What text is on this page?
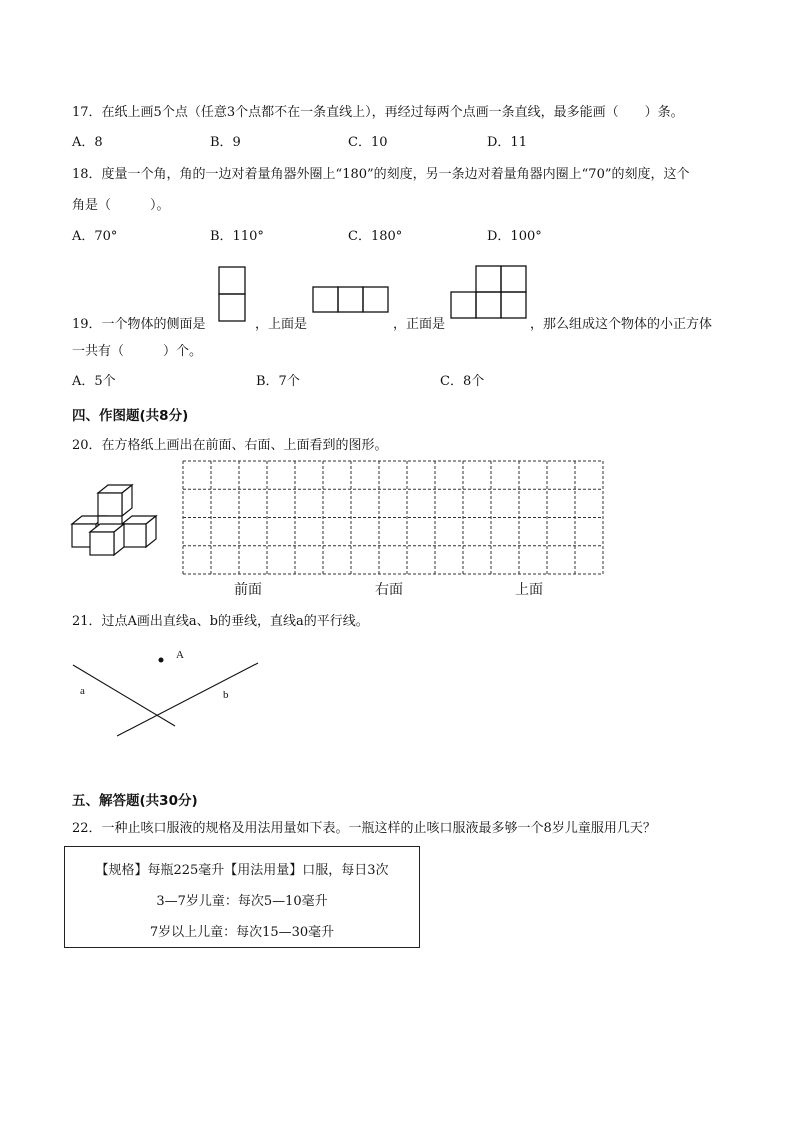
17．在纸上画5个点（任意3个点都不在一条直线上），再经过每两个点画一条直线，最多能画（　　）条。
A．8	B．9	C．10	D．11
18．度量一个角，角的一边对着量角器外圈上“180”的刻度，另一条边对着量角器内圈上“70”的刻度，这个
角是（　　　）。
A．70°	B．110°	C．180°	D．100°
19．一个物体的侧面是	，上面是	，正面是	，那么组成这个物体的小正方体
一共有（　　　）个。
A．5个	B．7个	C．8个
四、作图题(共8分)
20．在方格纸上画出在前面、右面、上面看到的图形。
前面	右面	上面
21．过点A画出直线a、b的垂线，直线a的平行线。
A
a	b
五、解答题(共30分)
22．一种止咳口服液的规格及用法用量如下表。一瓶这样的止咳口服液最多够一个8岁儿童服用几天？
【规格】每瓶225毫升【用法用量】口服，每日3次
3—7岁儿童：每次5—10毫升
7岁以上儿童：每次15—30毫升
